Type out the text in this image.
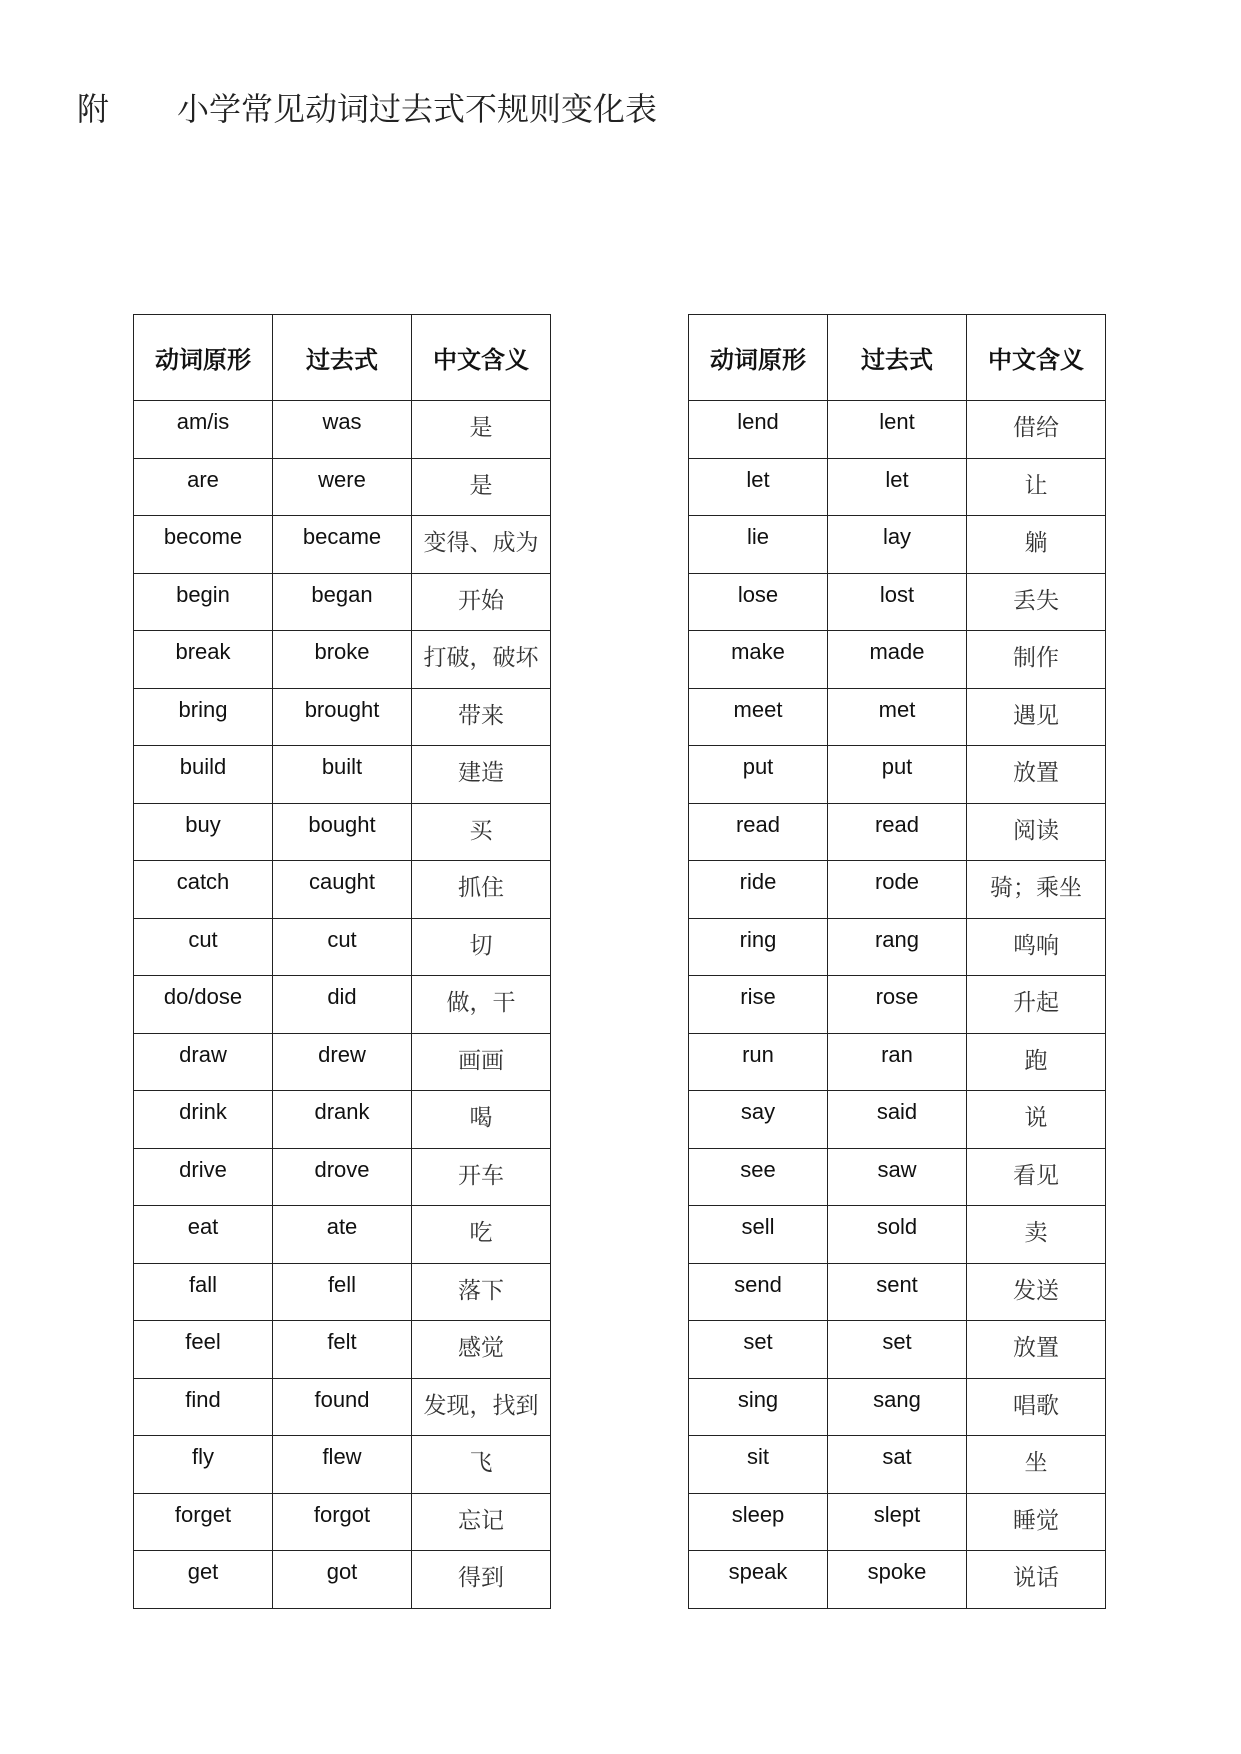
附 小学常见动词过去式不规则变化表
动词原形	过去式	中文含义
am/is	was	是
are	were	是
become	became	变得、成为
begin	began	开始
break	broke	打破，破坏
bring	brought	带来
build	built	建造
buy	bought	买
catch	caught	抓住
cut	cut	切
do/dose	did	做，干
draw	drew	画画
drink	drank	喝
drive	drove	开车
eat	ate	吃
fall	fell	落下
feel	felt	感觉
find	found	发现，找到
fly	flew	飞
forget	forgot	忘记
get	got	得到
动词原形	过去式	中文含义
lend	lent	借给
let	let	让
lie	lay	躺
lose	lost	丢失
make	made	制作
meet	met	遇见
put	put	放置
read	read	阅读
ride	rode	骑；乘坐
ring	rang	鸣响
rise	rose	升起
run	ran	跑
say	said	说
see	saw	看见
sell	sold	卖
send	sent	发送
set	set	放置
sing	sang	唱歌
sit	sat	坐
sleep	slept	睡觉
speak	spoke	说话
